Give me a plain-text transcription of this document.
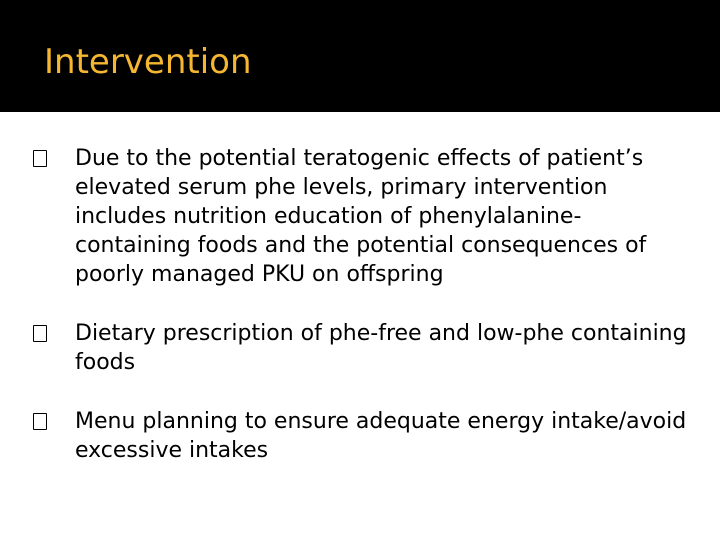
Intervention
Due to the potential teratogenic effects of patient’s elevated serum phe levels, primary intervention includes nutrition education of phenylalanine-containing foods and the potential consequences of poorly managed PKU on offspring
Dietary prescription of phe-free and low-phe containing foods
Menu planning to ensure adequate energy intake/avoid excessive intakes
